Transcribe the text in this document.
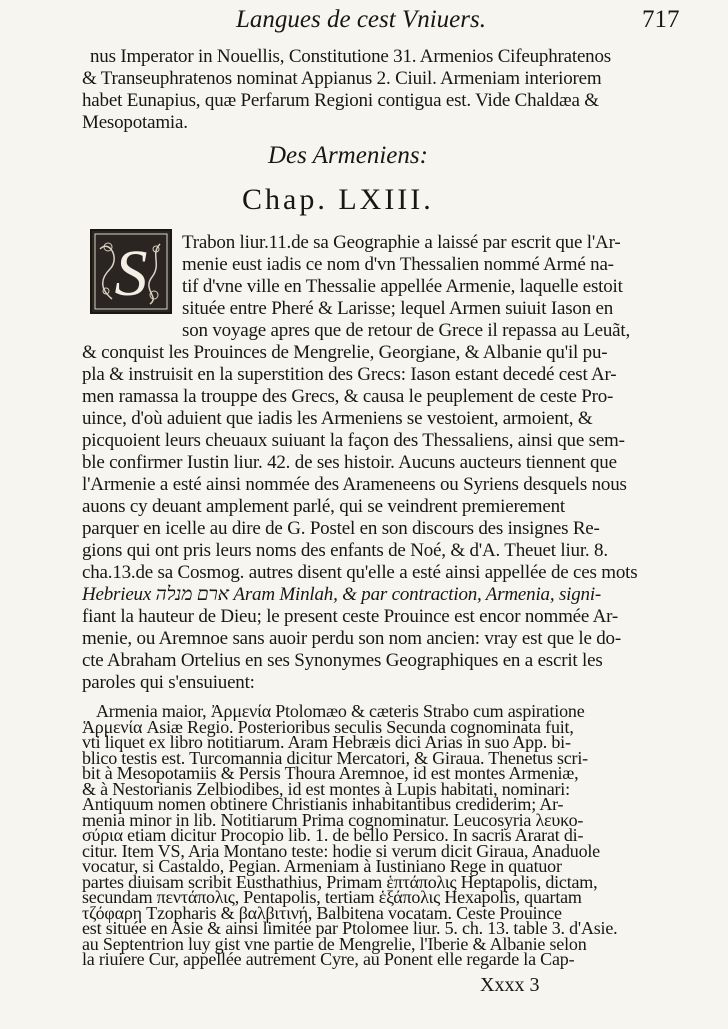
Langues de cest Vniuers.	717
nus Imperator in Nouellis, Constitutione 31. Armenios Cifeuphratenos
& Transeuphratenos nominat Appianus 2. Ciuil. Armeniam interiorem
habet Eunapius, quæ Perfarum Regioni contigua est. Vide Chaldæa &
Mesopotamia.
Des Armeniens:
Chap. LXIII.
S Trabon liur.11.de sa Geographie a laissé par escrit que l'Ar-
menie eust iadis ce nom d'vn Thessalien nommé Armé na-
tif d'vne ville en Thessalie appellée Armenie, laquelle estoit
située entre Pheré & Larisse; lequel Armen suiuit Iason en
son voyage apres que de retour de Grece il repassa au Leuãt,
& conquist les Prouinces de Mengrelie, Georgiane, & Albanie qu'il pu-
pla & instruisit en la superstition des Grecs: Iason estant decedé cest Ar-
men ramassa la trouppe des Grecs, & causa le peuplement de ceste Pro-
uince, d'où aduient que iadis les Armeniens se vestoient, armoient, &
picquoient leurs cheuaux suiuant la façon des Thessaliens, ainsi que sem-
ble confirmer Iustin liur. 42. de ses histoir. Aucuns aucteurs tiennent que
l'Armenie a esté ainsi nommée des Arameneens ou Syriens desquels nous
auons cy deuant amplement parlé, qui se veindrent premierement
parquer en icelle au dire de G. Postel en son discours des insignes Re-
gions qui ont pris leurs noms des enfants de Noé, & d'A. Theuet liur. 8.
cha.13.de sa Cosmog. autres disent qu'elle a esté ainsi appellée de ces mots
Hebrieux ארם מנלה Aram Minlah, & par contraction, Armenia, signi-
fiant la hauteur de Dieu; le present ceste Prouince est encor nommée Ar-
menie, ou Aremnoe sans auoir perdu son nom ancien: vray est que le do-
cte Abraham Ortelius en ses Synonymes Geographiques en a escrit les
paroles qui s'ensuiuent:
Armenia maior, Ἀρμενία Ptolomæo & cæteris Strabo cum aspiratione
Ἁρμενία Asiæ Regio. Posterioribus seculis Secunda cognominata fuit,
vti liquet ex libro notitiarum. Aram Hebræis dici Arias in suo App. bi-
blico testis est. Turcomannia dicitur Mercatori, & Giraua. Thenetus scri-
bit à Mesopotamiis & Persis Thoura Aremnoe, id est montes Armeniæ,
& à Nestorianis Zelbiodibes, id est montes à Lupis habitati, nominari:
Antiquum nomen obtinere Christianis inhabitantibus crediderim; Ar-
menia minor in lib. Notitiarum Prima cognominatur. Leucosyria λευκο-
σύρια etiam dicitur Procopio lib. 1. de bello Persico. In sacris Ararat di-
citur. Item VS, Aria Montano teste: hodie si verum dicit Giraua, Anaduole
vocatur, si Castaldo, Pegian. Armeniam à Iustiniano Rege in quatuor
partes diuisam scribit Eusthathius, Primam ἑπτάπολις Heptapolis, dictam,
secundam πεντάπολις, Pentapolis, tertiam ἑξάπολις Hexapolis, quartam
τζόφαρη Tzopharis & βαλβιτινή, Balbitena vocatam. Ceste Prouince
est située en Asie & ainsi limitée par Ptolomee liur. 5. ch. 13. table 3. d'Asie.
au Septentrion luy gist vne partie de Mengrelie, l'Iberie & Albanie selon
la riuiere Cur, appellée autrement Cyre, au Ponent elle regarde la Cap-
Xxxx 3
